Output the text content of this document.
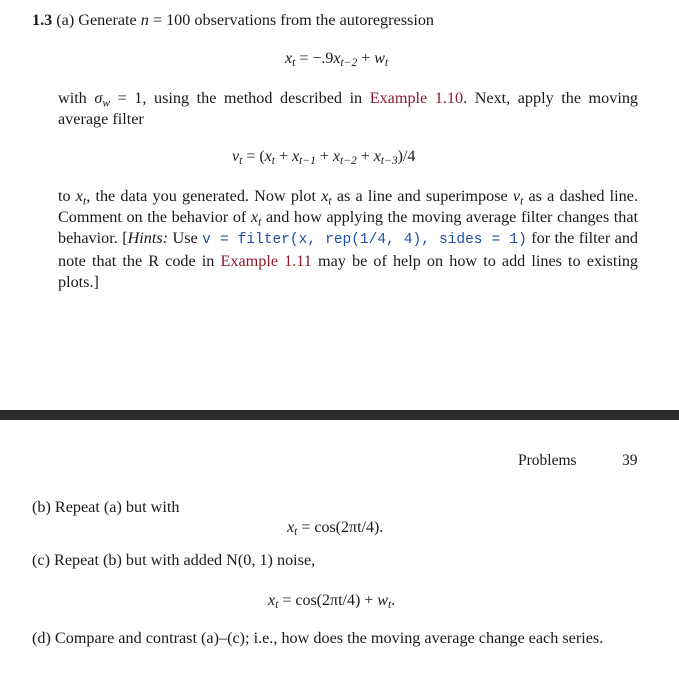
1.3 (a) Generate n = 100 observations from the autoregression

$x_t = -.9x_{t-2} + w_t$

with $\sigma_w = 1$, using the method described in Example 1.10. Next, apply the moving average filter

$v_t = (x_t + x_{t-1} + x_{t-2} + x_{t-3})/4$

to $x_t$, the data you generated. Now plot $x_t$ as a line and superimpose $v_t$ as a dashed line. Comment on the behavior of $x_t$ and how applying the moving average filter changes that behavior. [Hints: Use v = filter(x, rep(1/4, 4), sides = 1) for the filter and note that the R code in Example 1.11 may be of help on how to add lines to existing plots.]

Problems	39

(b) Repeat (a) but with

$x_t = \cos(2\pi t/4)$.

(c) Repeat (b) but with added N(0, 1) noise,

$x_t = \cos(2\pi t/4) + w_t$.

(d) Compare and contrast (a)–(c); i.e., how does the moving average change each series.
